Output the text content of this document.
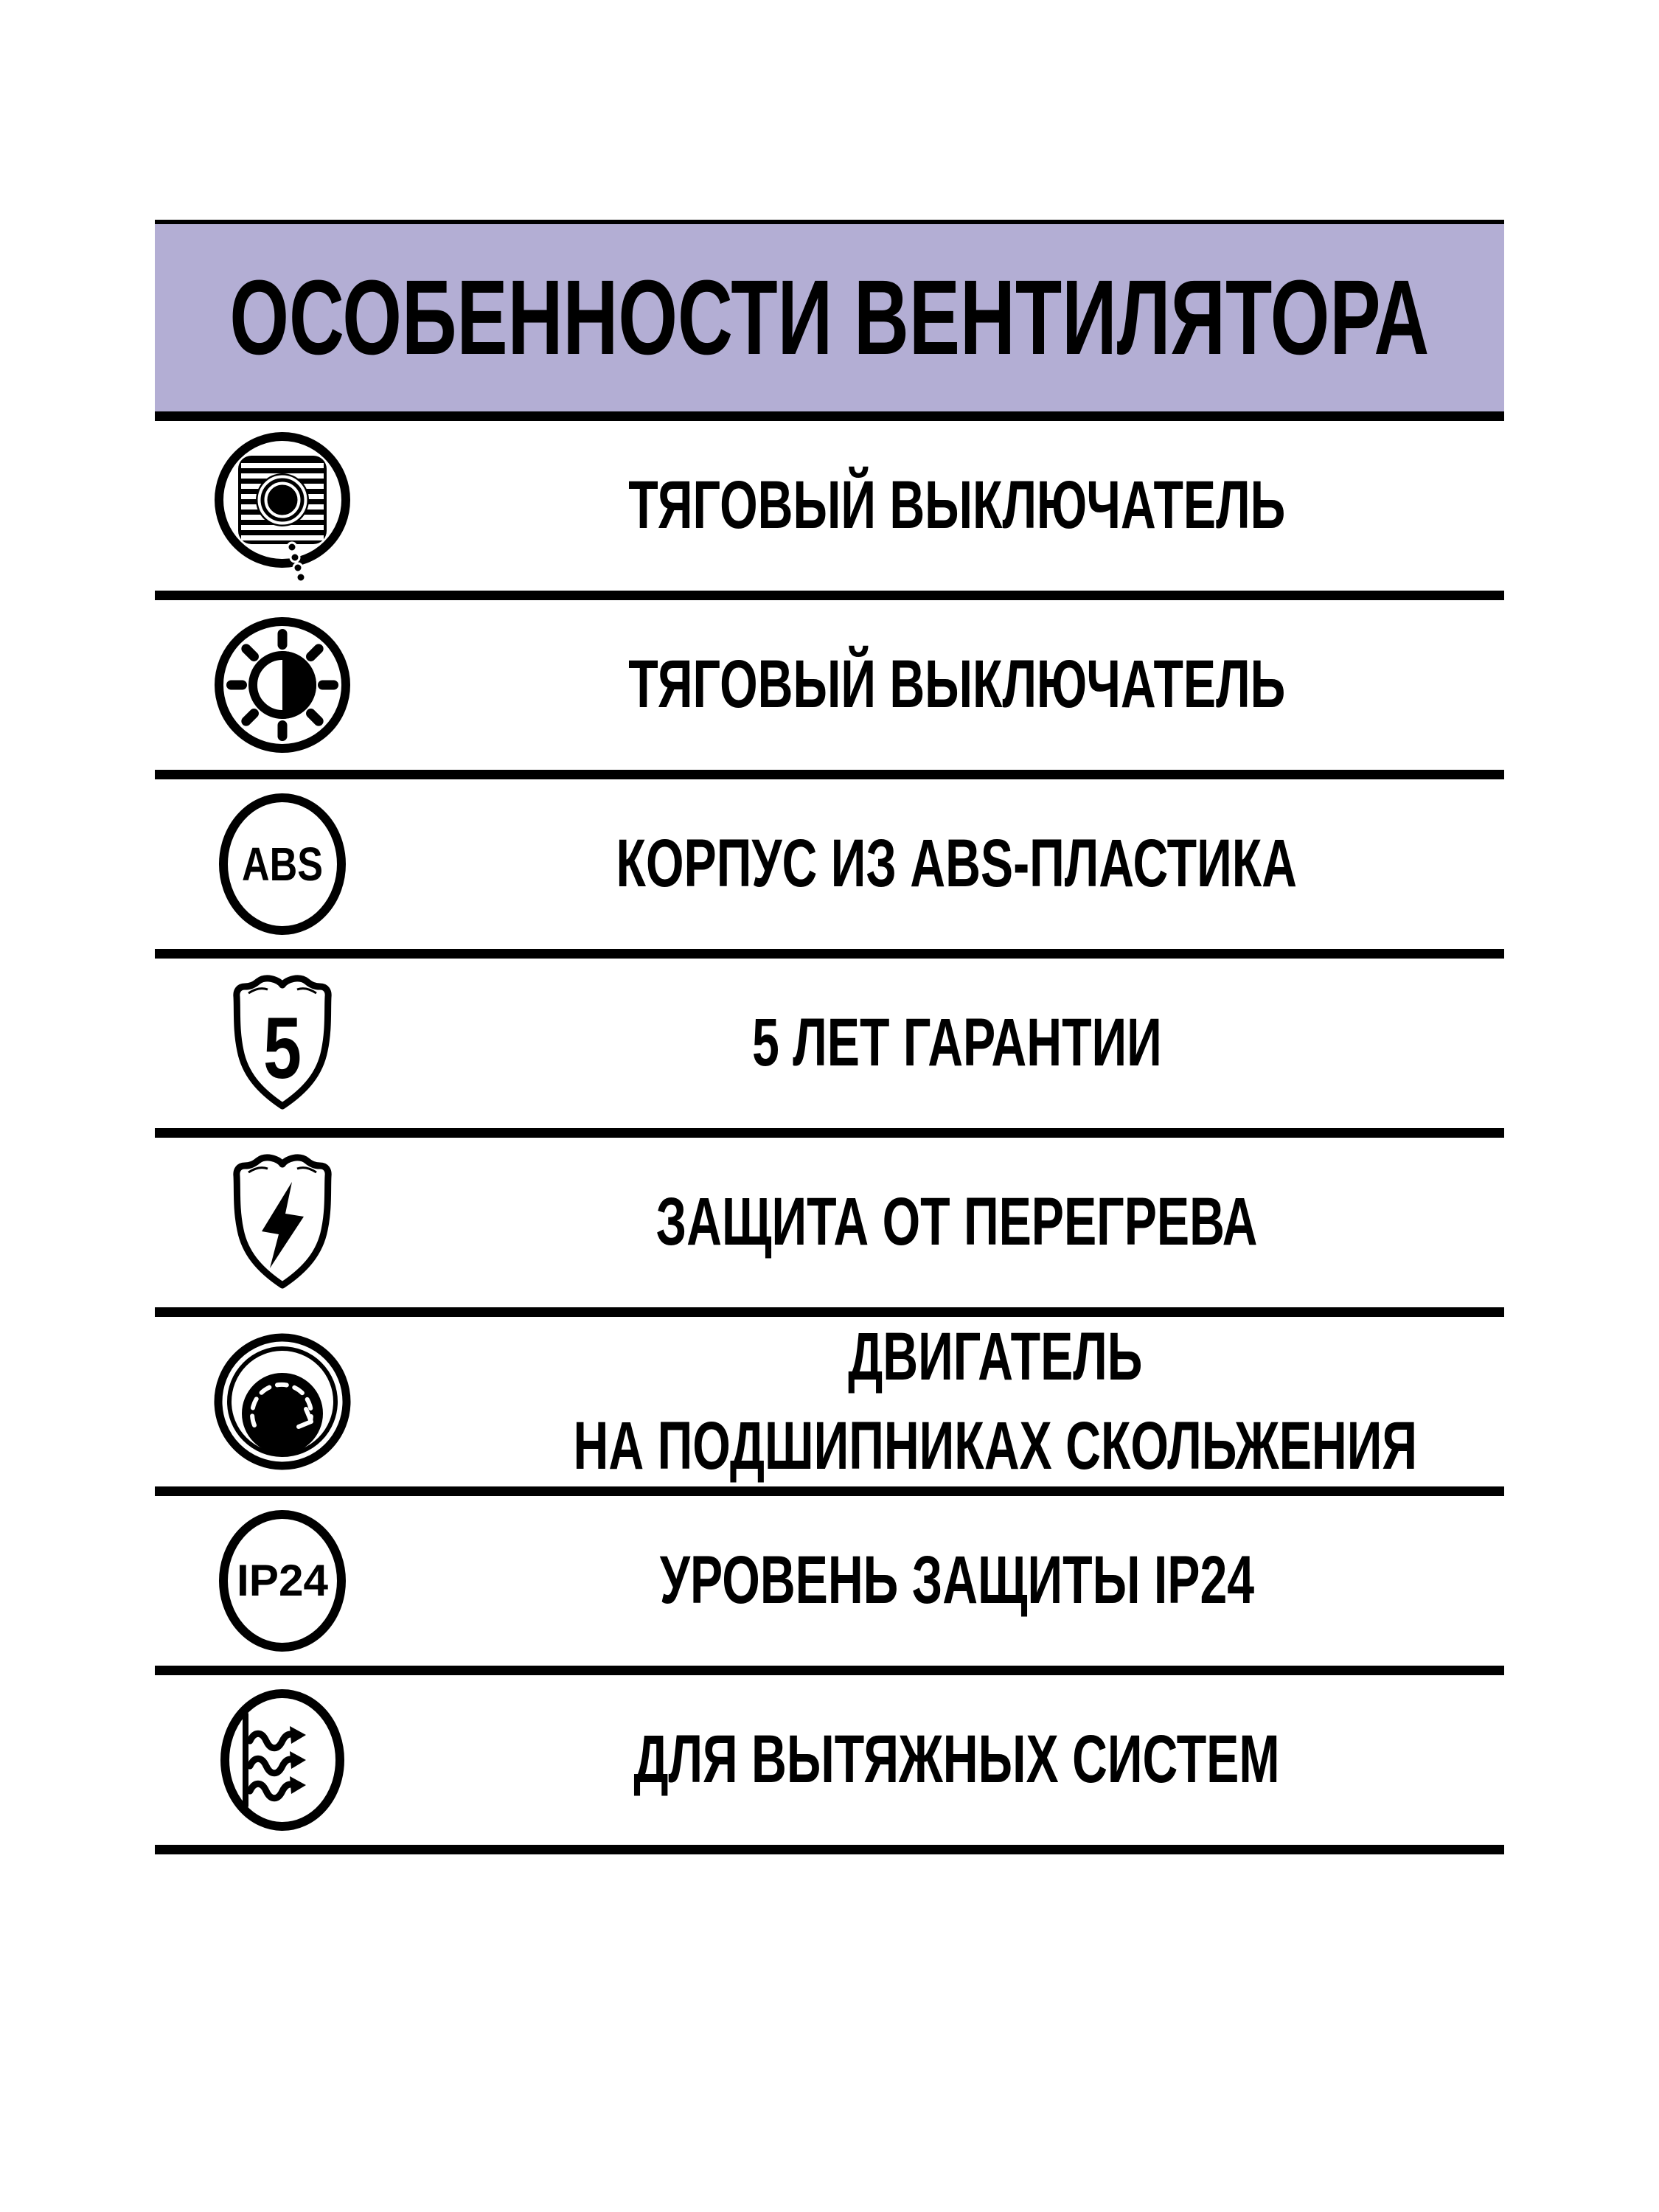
ОСОБЕННОСТИ ВЕНТИЛЯТОРА
ТЯГОВЫЙ ВЫКЛЮЧАТЕЛЬ
ТЯГОВЫЙ ВЫКЛЮЧАТЕЛЬ
ABS	КОРПУС ИЗ ABS-ПЛАСТИКА
5	5 ЛЕТ ГАРАНТИИ
ЗАЩИТА ОТ ПЕРЕГРЕВА
ДВИГАТЕЛЬ
НА ПОДШИПНИКАХ СКОЛЬЖЕНИЯ
IP24	УРОВЕНЬ ЗАЩИТЫ IP24
ДЛЯ ВЫТЯЖНЫХ СИСТЕМ
